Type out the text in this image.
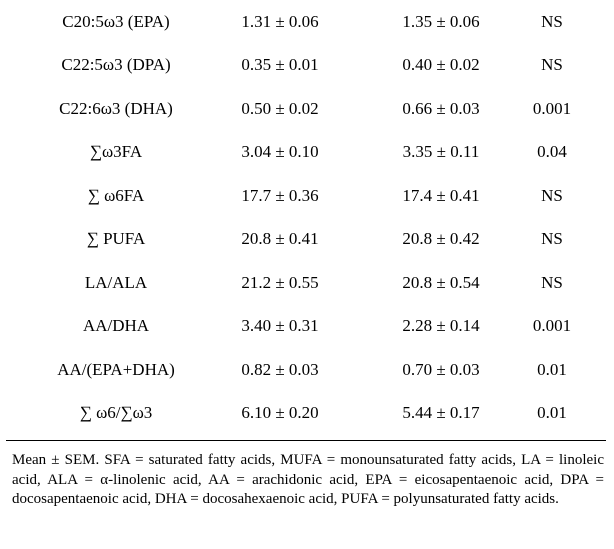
C20:5ω3 (EPA)	1.31 ± 0.06	1.35 ± 0.06	NS
C22:5ω3 (DPA)	0.35 ± 0.01	0.40 ± 0.02	NS
C22:6ω3 (DHA)	0.50 ± 0.02	0.66 ± 0.03	0.001
∑ω3FA	3.04 ± 0.10	3.35 ± 0.11	0.04
∑ ω6FA	17.7 ± 0.36	17.4 ± 0.41	NS
∑ PUFA	20.8 ± 0.41	20.8 ± 0.42	NS
LA/ALA	21.2 ± 0.55	20.8 ± 0.54	NS
AA/DHA	3.40 ± 0.31	2.28 ± 0.14	0.001
AA/(EPA+DHA)	0.82 ± 0.03	0.70 ± 0.03	0.01
∑ ω6/∑ω3	6.10 ± 0.20	5.44 ± 0.17	0.01
Mean ± SEM. SFA = saturated fatty acids, MUFA = monounsaturated fatty acids, LA = linoleic acid, ALA = α-linolenic acid, AA = arachidonic acid, EPA = eicosapentaenoic acid, DPA = docosapentaenoic acid, DHA = docosahexaenoic acid, PUFA = polyunsaturated fatty acids.
